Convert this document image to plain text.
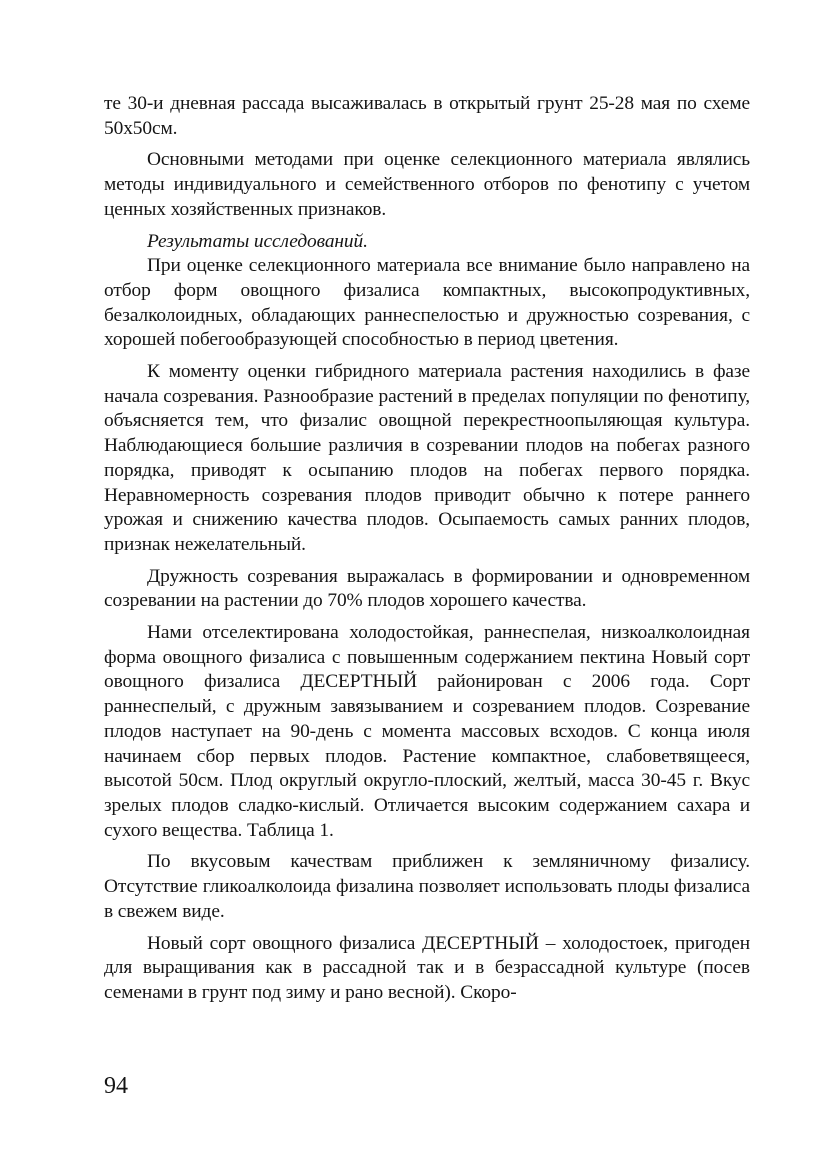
те 30-и дневная рассада высаживалась в открытый грунт 25-28 мая по схеме 50х50см.

Основными методами при оценке селекционного материала являлись методы индивидуального и семейственного отборов по фенотипу с учетом ценных хозяйственных признаков.

Результаты исследований.

При оценке селекционного материала все внимание было направлено на отбор форм овощного физалиса компактных, высокопродуктивных, безалколоидных, обладающих раннеспелостью и дружностью созревания, с хорошей побегообразующей способностью в период цветения.

К моменту оценки гибридного материала растения находились в фазе начала созревания. Разнообразие растений в пределах популяции по фенотипу, объясняется тем, что физалис овощной перекрестноопыляющая культура. Наблюдающиеся большие различия в созревании плодов на побегах разного порядка, приводят к осыпанию плодов на побегах первого порядка. Неравномерность созревания плодов приводит обычно к потере раннего урожая и снижению качества плодов. Осыпаемость самых ранних плодов, признак нежелательный.

Дружность созревания выражалась в формировании и одновременном созревании на растении до 70% плодов хорошего качества.

Нами отселектирована холодостойкая, раннеспелая, низкоалколоидная форма овощного физалиса с повышенным содержанием пектина Новый сорт овощного физалиса ДЕСЕРТНЫЙ районирован с 2006 года. Сорт раннеспелый, с дружным завязыванием и созреванием плодов. Созревание плодов наступает на 90-день с момента массовых всходов. С конца июля начинаем сбор первых плодов. Растение компактное, слабоветвящееся, высотой 50см. Плод округлый округло-плоский, желтый, масса 30-45 г. Вкус зрелых плодов сладко-кислый. Отличается высоким содержанием сахара и сухого вещества. Таблица 1.

По вкусовым качествам приближен к земляничному физалису. Отсутствие гликоалколоида физалина позволяет использовать плоды физалиса в свежем виде.

Новый сорт овощного физалиса ДЕСЕРТНЫЙ – холодостоек, пригоден для выращивания как в рассадной так и в безрассадной культуре (посев семенами в грунт под зиму и рано весной). Скоро-

94
